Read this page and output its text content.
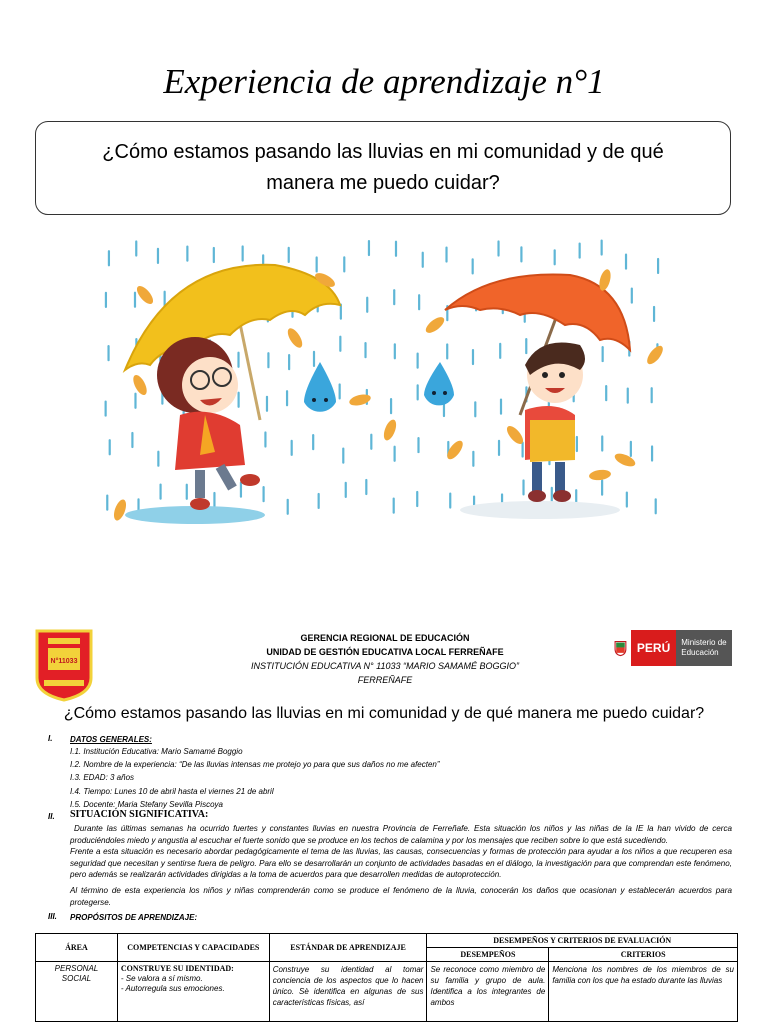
Experiencia de aprendizaje n°1
¿Cómo estamos pasando las lluvias en mi comunidad y de qué manera me puedo cuidar?
N°11033
PERÚ	Ministerio de Educación
GERENCIA REGIONAL DE EDUCACIÓN
UNIDAD DE GESTIÓN EDUCATIVA LOCAL FERREÑAFE
INSTITUCIÓN EDUCATIVA N° 11033 “MARIO SAMAMÉ BOGGIO”
FERREÑAFE
¿Cómo estamos pasando las lluvias en mi comunidad y de qué manera me puedo cuidar?
I. DATOS GENERALES:
I.1. Institución Educativa: Mario Samamé Boggio
I.2. Nombre de la experiencia: “De las lluvias intensas me protejo yo para que sus daños no me afecten”
I.3. EDAD: 3 años
I.4. Tiempo: Lunes 10 de abril hasta el viernes 21 de abril
I.5. Docente: Maria Stefany Sevilla Piscoya
II. SITUACIÓN SIGNIFICATIVA:
Durante las últimas semanas ha ocurrido fuertes y constantes lluvias en nuestra Provincia de Ferreñafe. Esta situación los niños y las niñas de la IE la han vivido de cerca produciéndoles miedo y angustia al escuchar el fuerte sonido que se produce en los techos de calamina y por los mensajes que reciben sobre lo que está sucediendo.
Frente a esta situación es necesario abordar pedagógicamente el tema de las lluvias, las causas, consecuencias y formas de protección para ayudar a los niños a que recuperen esa seguridad que necesitan y sentirse fuera de peligro. Para ello se desarrollarán un conjunto de actividades basadas en el diálogo, la investigación para que comprendan este fenómeno, pero además se realizarán actividades dirigidas a la toma de acuerdos para que desarrollen medidas de autoprotección.
Al término de esta experiencia los niños y niñas comprenderán como se produce el fenómeno de la lluvia, conocerán los daños que ocasionan y establecerán acuerdos para protegerse.
III. PROPÓSITOS DE APRENDIZAJE:
ÁREA	COMPETENCIAS Y CAPACIDADES	ESTÁNDAR DE APRENDIZAJE	DESEMPEÑOS Y CRITERIOS DE EVALUACIÓN	
			DESEMPEÑOS	CRITERIOS
PERSONAL SOCIAL	CONSTRUYE SU IDENTIDAD:
- Se valora a sí mismo.
- Autorregula sus emociones.	Construye su identidad al tomar conciencia de los aspectos que lo hacen único. Sè identifica en algunas de sus características físicas, así	Se reconoce como miembro de su familia y grupo de aula. Identifica a los integrantes de ambos	Menciona los nombres de los miembros de su familia con los que ha estado durante las lluvias
